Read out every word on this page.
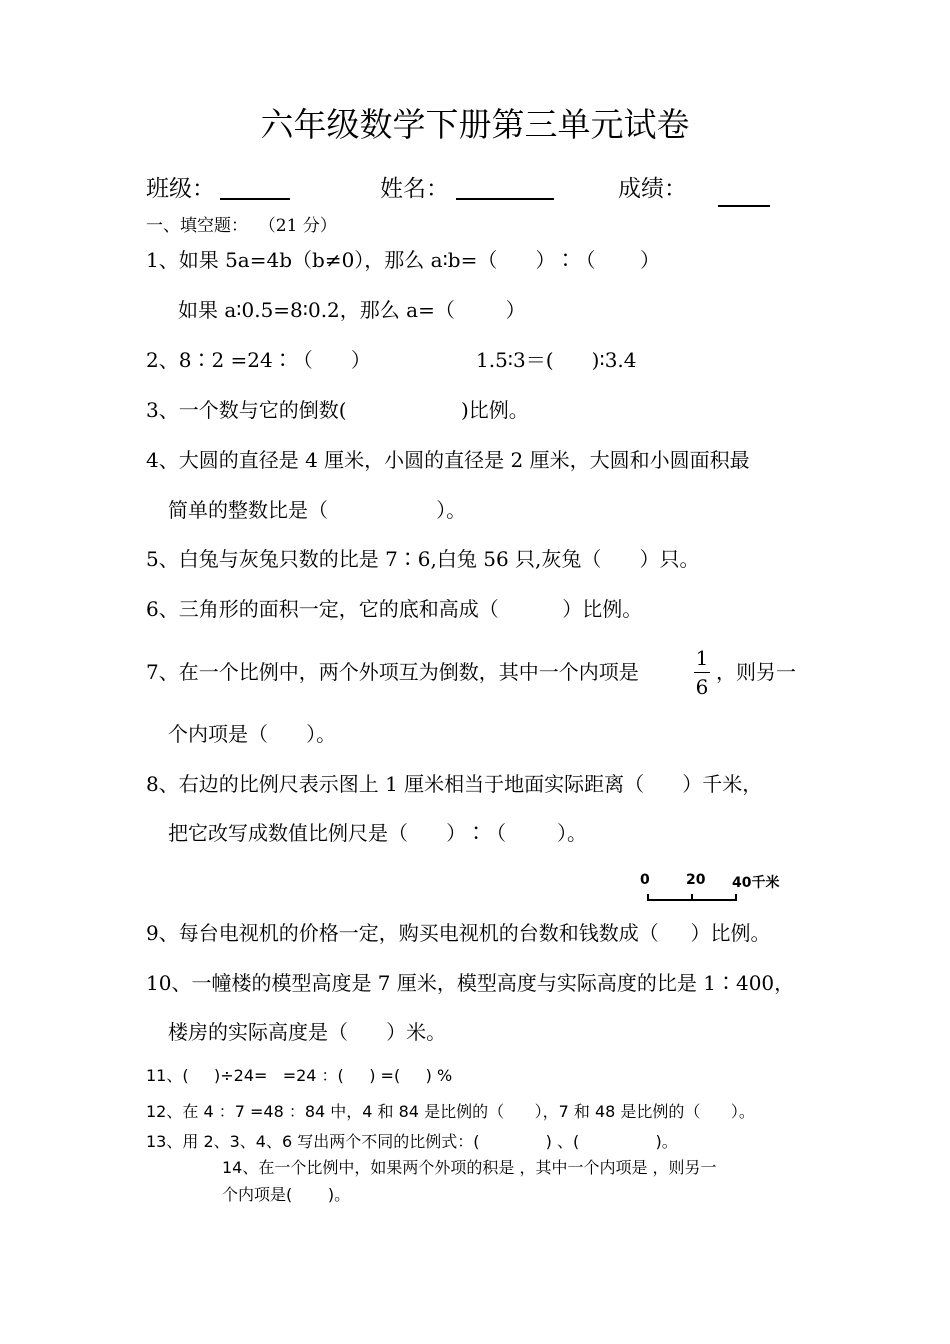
六年级数学下册第三单元试卷
班级：	姓名：	成绩：
一、填空题：  （21 分）
1、如果 5a=4b（b≠0），那么 a∶b=（      ）∶（       ）
如果 a∶0.5=8∶0.2，那么 a=（        ）
2、8∶2 =24∶（      ）	1.5∶3＝(      )∶3.4
3、一个数与它的倒数(                  )比例。
4、大圆的直径是 4 厘米，小圆的直径是 2 厘米，大圆和小圆面积最
简单的整数比是（                 ）。
5、白兔与灰兔只数的比是 7∶6,白兔 56 只,灰兔（      ）只。
6、三角形的面积一定，它的底和高成（          ）比例。
7、在一个比例中，两个外项互为倒数，其中一个内项是
1
6
，则另一
个内项是（      ）。
8、右边的比例尺表示图上 1 厘米相当于地面实际距离（      ）千米，
把它改写成数值比例尺是（      ）∶（        ）。
0	20 40千米
9、每台电视机的价格一定，购买电视机的台数和钱数成（     ）比例。
10、一幢楼的模型高度是 7 厘米，模型高度与实际高度的比是 1∶400，
楼房的实际高度是（      ）米。
11、(     )÷24=   =24 ：(     ) =(     ) %
12、在 4 ：7 =48 ：84 中，4 和 84 是比例的（      ），7 和 48 是比例的（      ）。
13、用 2、3、4、6 写出两个不同的比例式：(             ) 、(               )。
14、在一个比例中，如果两个外项的积是 ，其中一个内项是 ，则另一
个内项是(       )。
